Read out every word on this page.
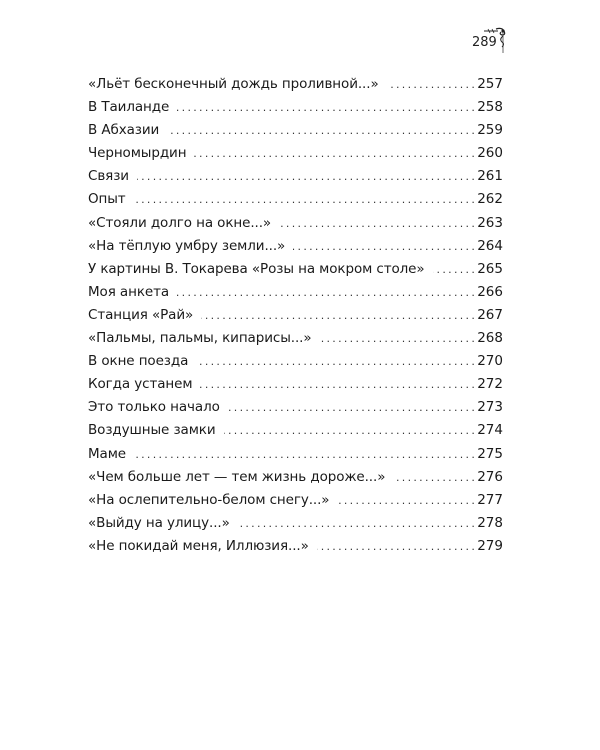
289
«Льёт бесконечный дождь проливной...» . . .	257
В Таиланде . . .	258
В Абхазии . . .	259
Черномырдин . . .	260
Связи . . .	261
Опыт . . .	262
«Стояли долго на окне...» . . .	263
«На тёплую умбру земли...» . . .	264
У картины В. Токарева «Розы на мокром столе» . . .	265
Моя анкета . . .	266
Станция «Рай» . . .	267
«Пальмы, пальмы, кипарисы...» . . .	268
В окне поезда . . .	270
Когда устанем . . .	272
Это только начало . . .	273
Воздушные замки . . .	274
Маме . . .	275
«Чем больше лет — тем жизнь дороже...» . . .	276
«На ослепительно-белом снегу...» . . .	277
«Выйду на улицу...» . . .	278
«Не покидай меня, Иллюзия...» . . .	279
